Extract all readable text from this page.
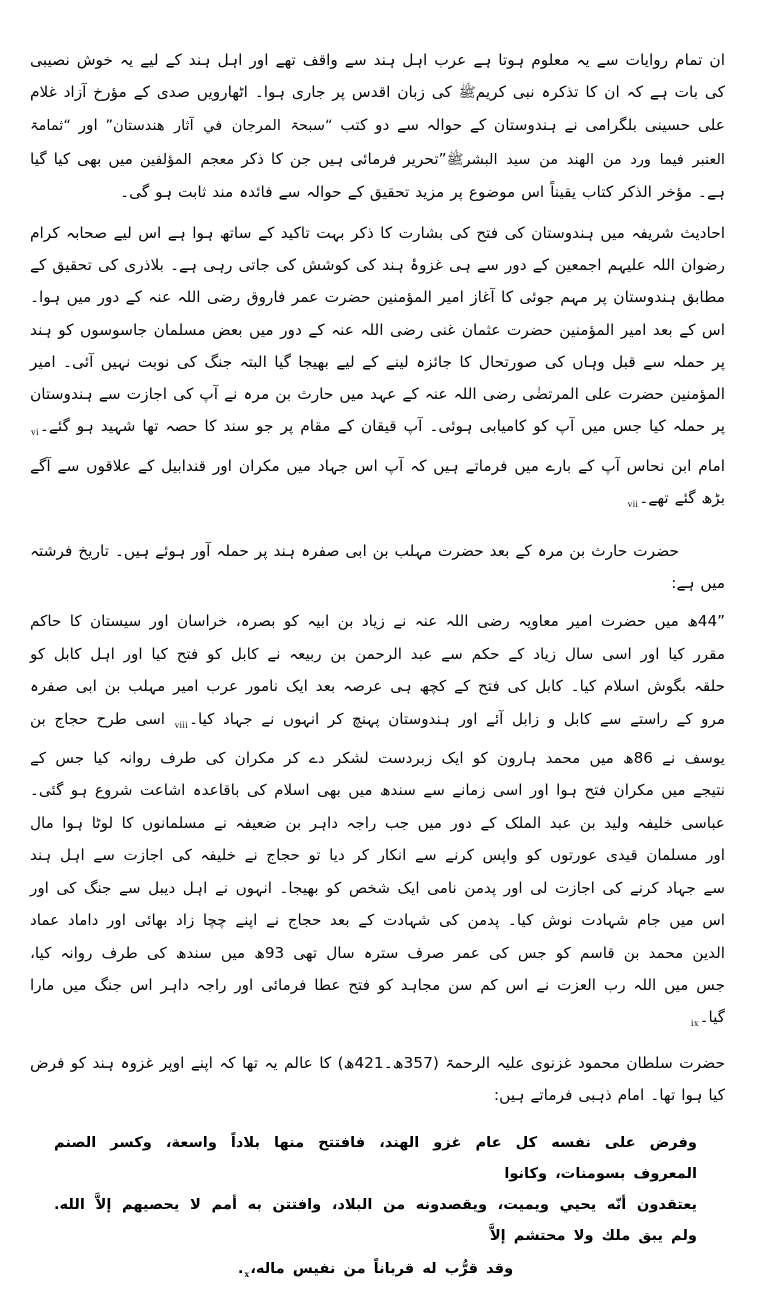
ان تمام روایات سے یہ معلوم ہوتا ہے عرب اہل ہند سے واقف تھے اور اہل ہند کے لیے یہ خوش نصیبی کی بات ہے کہ ان کا تذکرہ نبی کریمﷺ کی زبان اقدس پر جاری ہوا۔ اٹھارویں صدی کے مؤرخ آزاد غلام علی حسینی بلگرامی نے ہندوستان کے حوالہ سے دو کتب “سبحۃ المرجان في آثار هندستان” اور “ثمامۃ العنبر فيما ورد من الهند من سيد البشرﷺ”تحریر فرمائی ہیں جن کا ذکر معجم المؤلفین میں بھی کیا گیا ہے۔ مؤخر الذکر کتاب یقیناً اس موضوع پر مزید تحقیق کے حوالہ سے فائدہ مند ثابت ہو گی۔

احادیث شریفہ میں ہندوستان کی فتح کی بشارت کا ذکر بہت تاکید کے ساتھ ہوا ہے اس لیے صحابہ کرام رضوان اللہ علیہم اجمعین کے دور سے ہی غزوۂ ہند کی کوشش کی جاتی رہی ہے۔ بلاذری کی تحقیق کے مطابق ہندوستان پر مہم جوئی کا آغاز امیر المؤمنین حضرت عمر فاروق رضی اللہ عنہ کے دور میں ہوا۔ اس کے بعد امیر المؤمنین حضرت عثمان غنی رضی اللہ عنہ کے دور میں بعض مسلمان جاسوسوں کو ہند پر حملہ سے قبل وہاں کی صورتحال کا جائزہ لینے کے لیے بھیجا گیا البتہ جنگ کی نوبت نہیں آئی۔ امیر المؤمنین حضرت علی المرتضٰی رضی اللہ عنہ کے عہد میں حارث بن مرہ نے آپ کی اجازت سے ہندوستان پر حملہ کیا جس میں آپ کو کامیابی ہوئی۔ آپ قیقان کے مقام پر جو سند کا حصہ تھا شہید ہو $گئے۔_{vi}$ امام ابن نحاس آپ کے بارے میں فرماتے ہیں کہ آپ اس جہاد میں مکران اور قندابیل کے علاقوں سے آگے بڑھ گئے $تھے۔_{vii}$

حضرت حارث بن مرہ کے بعد حضرت مہلب بن ابی صفرہ ہند پر حملہ آور ہوئے ہیں۔ تاریخ فرشتہ میں ہے:

”44ھ میں حضرت امیر معاویہ رضی اللہ عنہ نے زیاد بن ابیہ کو بصرہ، خراسان اور سیستان کا حاکم مقرر کیا اور اسی سال زیاد کے حکم سے عبد الرحمن بن ربیعہ نے کابل کو فتح کیا اور اہل کابل کو حلقہ بگوش اسلام کیا۔ کابل کی فتح کے کچھ ہی عرصہ بعد ایک نامور عرب امیر مہلب بن ابی صفرہ مرو کے راستے سے کابل و زابل آئے اور ہندوستان پہنچ کر انہوں نے جہاد $کیا۔_{viii}$ اسی طرح حجاج بن یوسف نے 86ھ میں محمد ہارون کو ایک زبردست لشکر دے کر مکران کی طرف روانہ کیا جس کے نتیجے میں مکران فتح ہوا اور اسی زمانے سے سندھ میں بھی اسلام کی باقاعدہ اشاعت شروع ہو گئی۔ عباسی خلیفہ ولید بن عبد الملک کے دور میں جب راجہ داہر بن ضعیفہ نے مسلمانوں کا لوٹا ہوا مال اور مسلمان قیدی عورتوں کو واپس کرنے سے انکار کر دیا تو حجاج نے خلیفہ کی اجازت سے اہل ہند سے جہاد کرنے کی اجازت لی اور پدمن نامی ایک شخص کو بھیجا۔ انہوں نے اہل دیبل سے جنگ کی اور اس میں جام شہادت نوش کیا۔ پدمن کی شہادت کے بعد حجاج نے اپنے چچا زاد بھائی اور داماد عماد الدین محمد بن قاسم کو جس کی عمر صرف سترہ سال تھی 93ھ میں سندھ کی طرف روانہ کیا، جس میں اللہ رب العزت نے اس کم سن مجاہد کو فتح عطا فرمائی اور راجہ داہر اس جنگ میں مارا $گیا۔_{ix}$

حضرت سلطان محمود غزنوی علیہ الرحمۃ (357ھ۔421ھ) کا عالم یہ تھا کہ اپنے اوپر غزوہ ہند کو فرض کیا ہوا تھا۔ امام ذہبی فرماتے ہیں:

وفرض على نفسه كل عام غزو الهند، فافتتح منها بلاداً واسعة، وكسر الصنم المعروف بسومنات، وكانوا

يعتقدون أنّه يحيي ويميت، ويقصدونه من البلاد، وافتتن به أمم لا يحصيهم إلاَّ الله. ولم يبق ملك ولا محتشم إلاَّ

وقد قرُّب له قرباناً من نفيس $ماله،_x$.
